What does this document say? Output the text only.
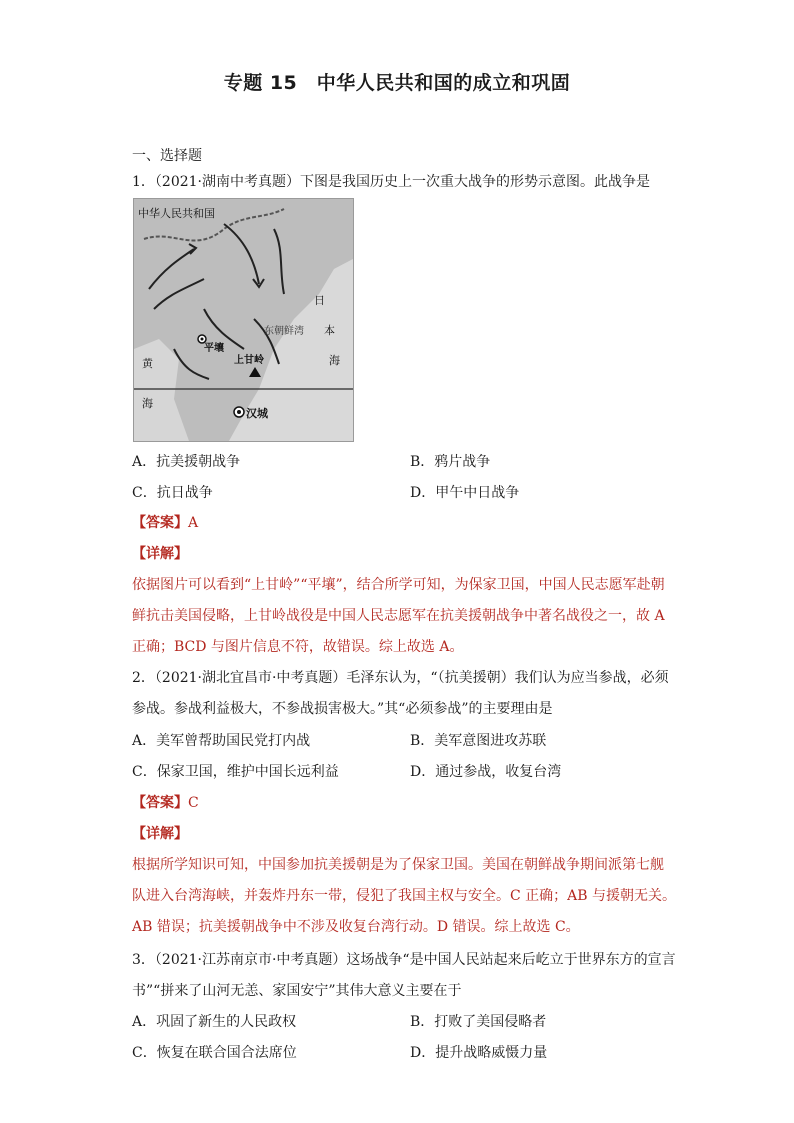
专题 15　中华人民共和国的成立和巩固
一、选择题
1．（2021·湖南中考真题）下图是我国历史上一次重大战争的形势示意图。此战争是
中华人民共和国
平壤
上甘岭
东朝鲜湾
汉城
黄
海
日
本
海
A．抗美援朝战争	B．鸦片战争
C．抗日战争	D．甲午中日战争
【答案】A
【详解】
依据图片可以看到“上甘岭”“平壤”，结合所学可知，为保家卫国，中国人民志愿军赴朝
鲜抗击美国侵略，上甘岭战役是中国人民志愿军在抗美援朝战争中著名战役之一，故 A
正确；BCD 与图片信息不符，故错误。综上故选 A。
2．（2021·湖北宜昌市·中考真题）毛泽东认为，“（抗美援朝）我们认为应当参战，必须
参战。参战利益极大，不参战损害极大。”其“必须参战”的主要理由是
A．美军曾帮助国民党打内战	B．美军意图进攻苏联
C．保家卫国，维护中国长远利益	D．通过参战，收复台湾
【答案】C
【详解】
根据所学知识可知，中国参加抗美援朝是为了保家卫国。美国在朝鲜战争期间派第七舰
队进入台湾海峡，并轰炸丹东一带，侵犯了我国主权与安全。C 正确；AB 与援朝无关。
AB 错误；抗美援朝战争中不涉及收复台湾行动。D 错误。综上故选 C。
3．（2021·江苏南京市·中考真题）这场战争“是中国人民站起来后屹立于世界东方的宣言
书”“拼来了山河无恙、家国安宁”其伟大意义主要在于
A．巩固了新生的人民政权	B．打败了美国侵略者
C．恢复在联合国合法席位	D．提升战略威慑力量
